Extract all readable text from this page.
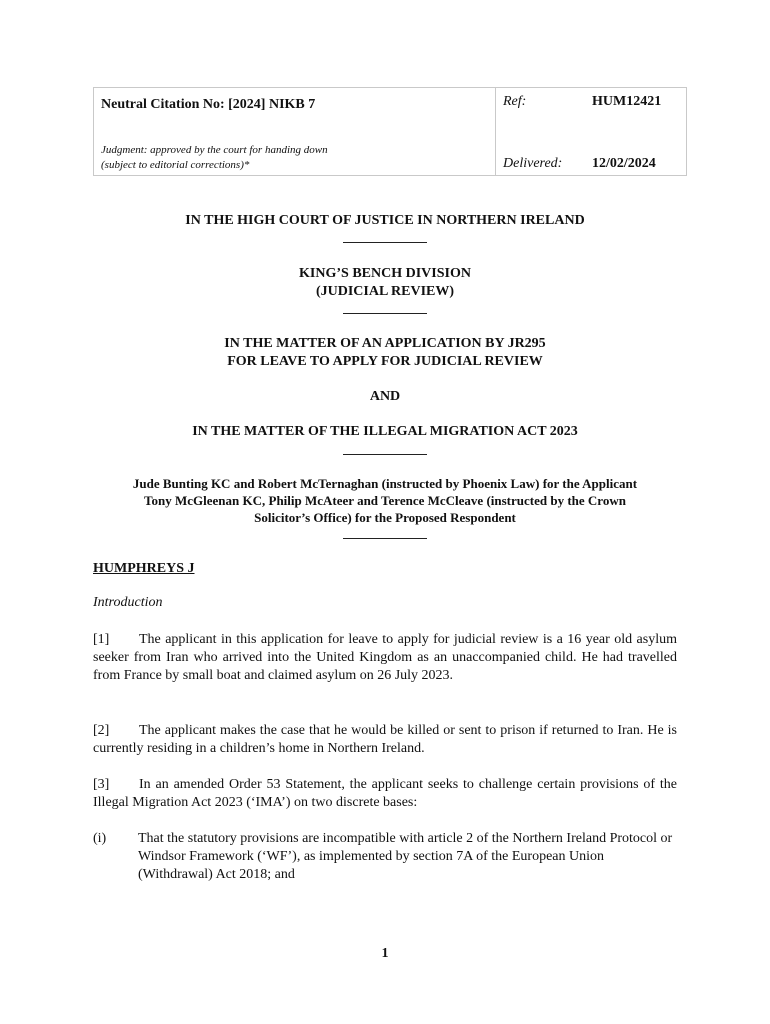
Neutral Citation No: [2024] NIKB 7
Judgment: approved by the court for handing down
(subject to editorial corrections)*
Ref:	HUM12421
Delivered: 12/02/2024
IN THE HIGH COURT OF JUSTICE IN NORTHERN IRELAND
KING’S BENCH DIVISION
(JUDICIAL REVIEW)
IN THE MATTER OF AN APPLICATION BY JR295
FOR LEAVE TO APPLY FOR JUDICIAL REVIEW
AND
IN THE MATTER OF THE ILLEGAL MIGRATION ACT 2023
Jude Bunting KC and Robert McTernaghan (instructed by Phoenix Law) for the Applicant
Tony McGleenan KC, Philip McAteer and Terence McCleave (instructed by the Crown
Solicitor’s Office) for the Proposed Respondent
HUMPHREYS J
Introduction
[1] The applicant in this application for leave to apply for judicial review is a 16 year old asylum seeker from Iran who arrived into the United Kingdom as an unaccompanied child. He had travelled from France by small boat and claimed asylum on 26 July 2023.
[2] The applicant makes the case that he would be killed or sent to prison if returned to Iran. He is currently residing in a children’s home in Northern Ireland.
[3] In an amended Order 53 Statement, the applicant seeks to challenge certain provisions of the Illegal Migration Act 2023 (‘IMA’) on two discrete bases:
(i) That the statutory provisions are incompatible with article 2 of the Northern Ireland Protocol or Windsor Framework (‘WF’), as implemented by section 7A of the European Union (Withdrawal) Act 2018; and
1
